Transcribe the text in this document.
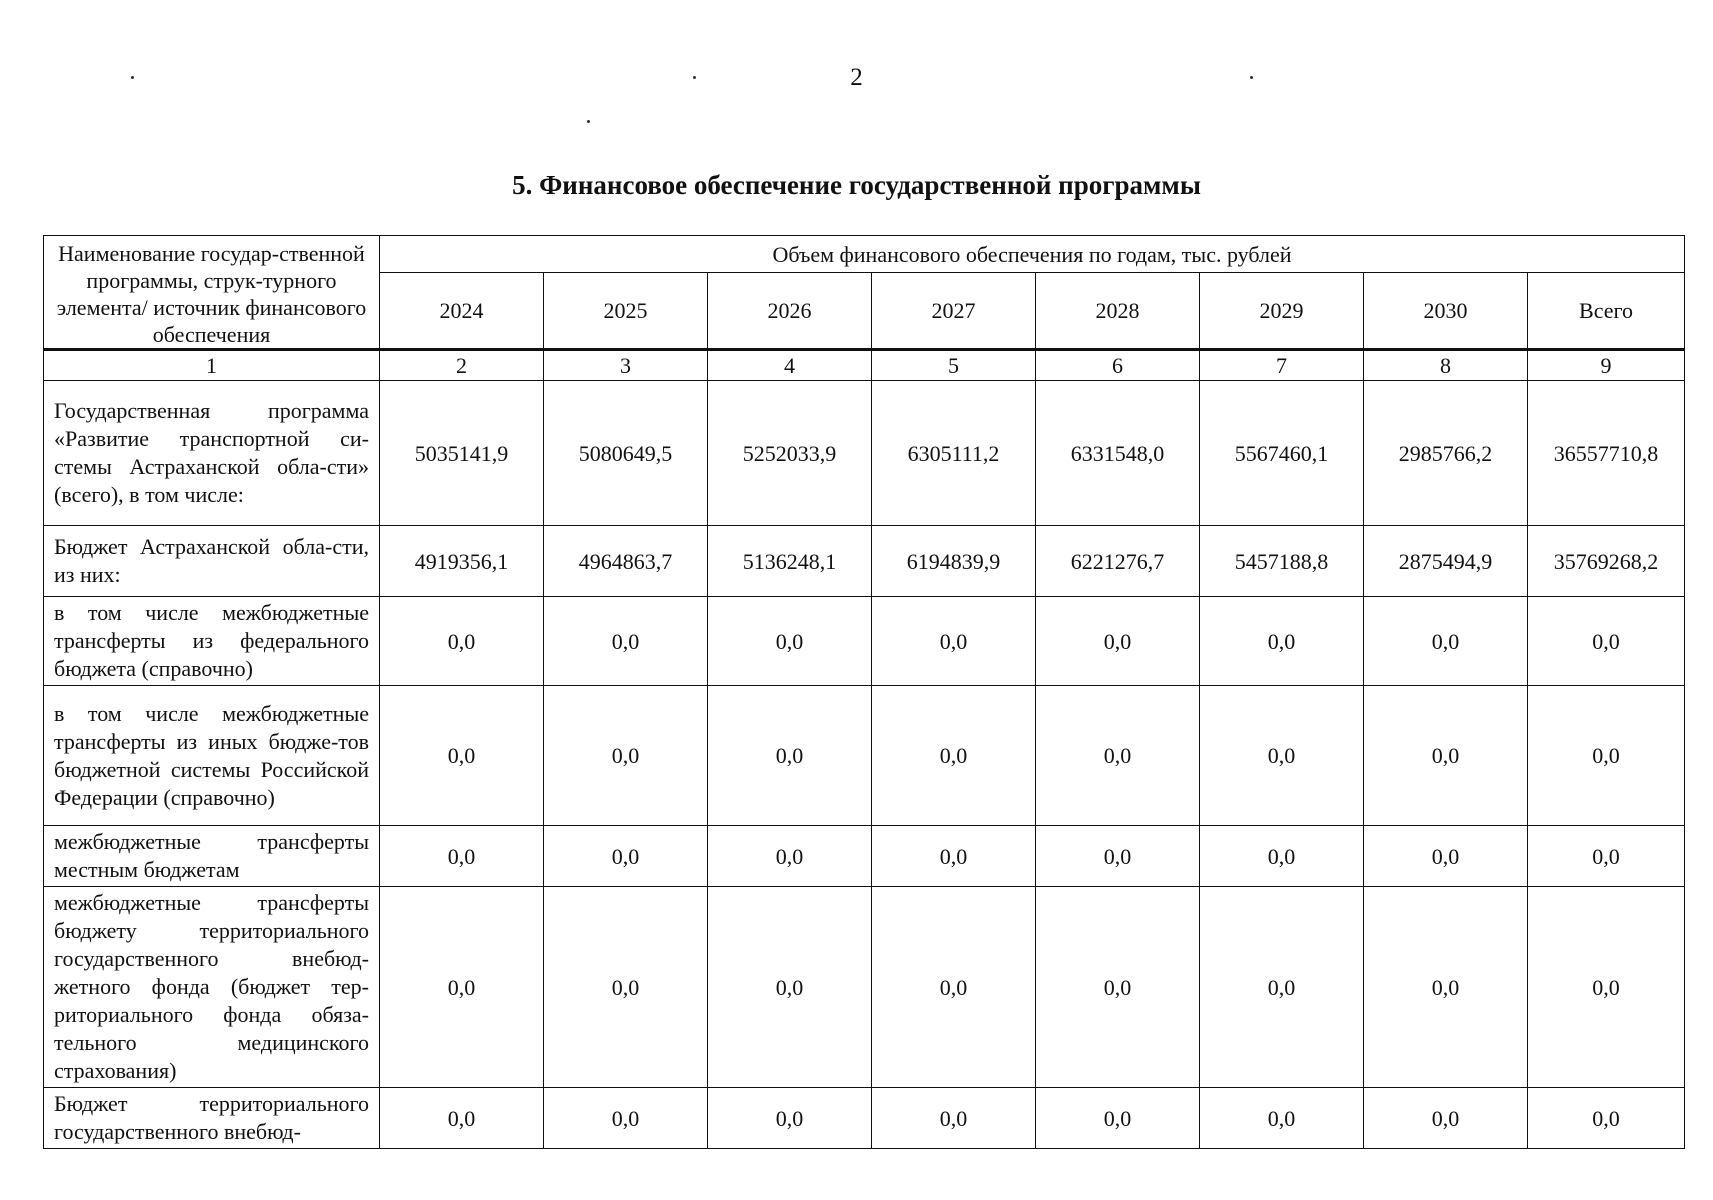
2
5. Финансовое обеспечение государственной программы
Наименование государ-ственной программы, струк-турного элемента/ источник финансового обеспечения	Объем финансового обеспечения по годам, тыс. рублей							
	2024	2025	2026	2027	2028	2029	2030	Всего
1	2	3	4	5	6	7	8	9
Государственная программа «Развитие транспортной си-стемы Астраханской обла-сти» (всего), в том числе:	5035141,9	5080649,5	5252033,9	6305111,2	6331548,0	5567460,1	2985766,2	36557710,8
Бюджет Астраханской обла-сти, из них:	4919356,1	4964863,7	5136248,1	6194839,9	6221276,7	5457188,8	2875494,9	35769268,2
в том числе межбюджетные трансферты из федерального бюджета (справочно)	0,0	0,0	0,0	0,0	0,0	0,0	0,0	0,0
в том числе межбюджетные трансферты из иных бюдже-тов бюджетной системы Российской Федерации (справочно)	0,0	0,0	0,0	0,0	0,0	0,0	0,0	0,0
межбюджетные трансферты местным бюджетам	0,0	0,0	0,0	0,0	0,0	0,0	0,0	0,0
межбюджетные трансферты бюджету территориального государственного внебюд-жетного фонда (бюджет тер-риториального фонда обяза-тельного медицинского страхования)	0,0	0,0	0,0	0,0	0,0	0,0	0,0	0,0
Бюджет территориального государственного внебюд-	0,0	0,0	0,0	0,0	0,0	0,0	0,0	0,0
